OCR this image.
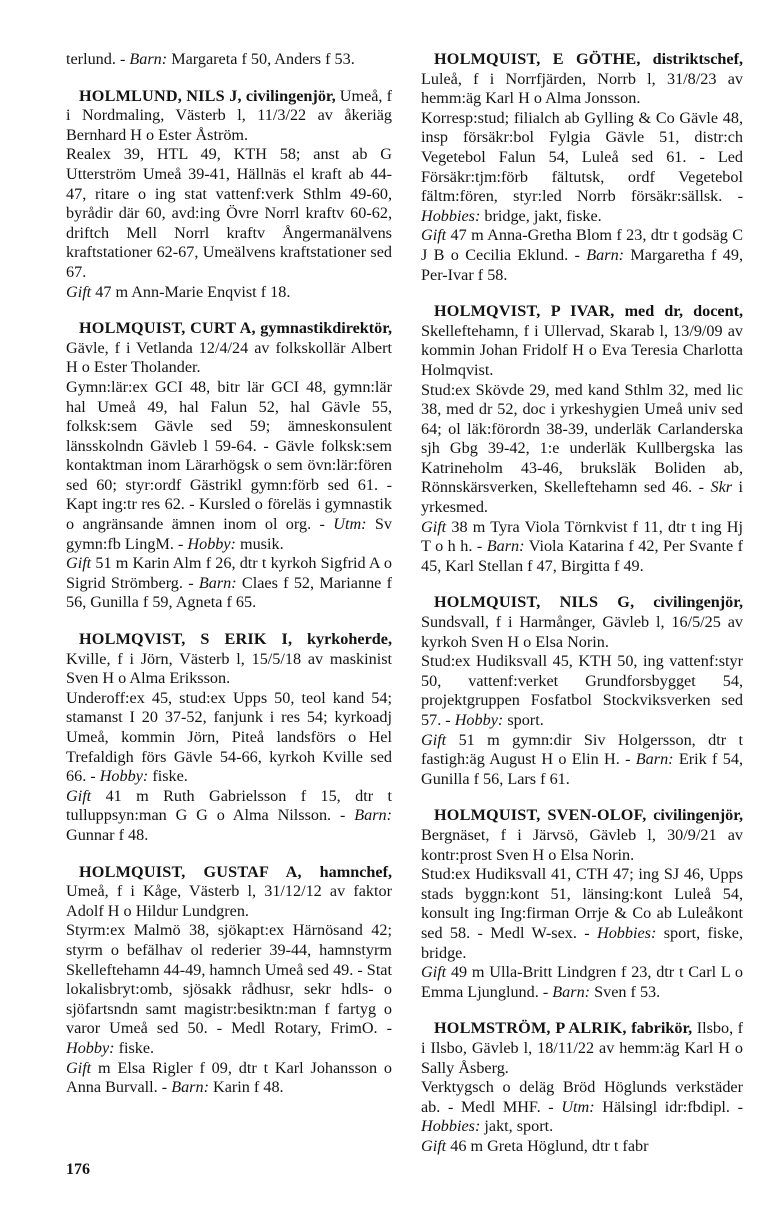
terlund. - Barn: Margareta f 50, Anders f 53.

HOLMLUND, NILS J, civilingenjör, Umeå, f i Nordmaling, Västerb l, 11/3/22 av åkeriäg Bernhard H o Ester Åström.

Realex 39, HTL 49, KTH 58; anst ab G Utterström Umeå 39-41, Hällnäs el kraft ab 44-47, ritare o ing stat vattenf:verk Sthlm 49-60, byrådir där 60, avd:ing Övre Norrl kraftv 60-62, driftch Mell Norrl kraftv Ångermanälvens kraftstationer 62-67, Umeälvens kraftstationer sed 67.

Gift 47 m Ann-Marie Enqvist f 18.

HOLMQUIST, CURT A, gymnastikdirektör, Gävle, f i Vetlanda 12/4/24 av folkskollär Albert H o Ester Tholander.

Gymn:lär:ex GCI 48, bitr lär GCI 48, gymn:lär hal Umeå 49, hal Falun 52, hal Gävle 55, folksk:sem Gävle sed 59; ämneskonsulent länsskolndn Gävleb l 59-64. - Gävle folksk:sem kontaktman inom Lärarhögsk o sem övn:lär:fören sed 60; styr:ordf Gästrikl gymn:förb sed 61. - Kapt ing:tr res 62. - Kursled o föreläs i gymnastik o angränsande ämnen inom ol org. - Utm: Sv gymn:fb LingM. - Hobby: musik.

Gift 51 m Karin Alm f 26, dtr t kyrkoh Sigfrid A o Sigrid Strömberg. - Barn: Claes f 52, Marianne f 56, Gunilla f 59, Agneta f 65.

HOLMQVIST, S ERIK I, kyrkoherde, Kville, f i Jörn, Västerb l, 15/5/18 av maskinist Sven H o Alma Eriksson.

Underoff:ex 45, stud:ex Upps 50, teol kand 54; stamanst I 20 37-52, fanjunk i res 54; kyrkoadj Umeå, kommin Jörn, Piteå landsförs o Hel Trefaldigh förs Gävle 54-66, kyrkoh Kville sed 66. - Hobby: fiske.

Gift 41 m Ruth Gabrielsson f 15, dtr t tulluppsyn:man G G o Alma Nilsson. - Barn: Gunnar f 48.

HOLMQUIST, GUSTAF A, hamnchef, Umeå, f i Kåge, Västerb l, 31/12/12 av faktor Adolf H o Hildur Lundgren.

Styrm:ex Malmö 38, sjökapt:ex Härnösand 42; styrm o befälhav ol rederier 39-44, hamnstyrm Skelleftehamn 44-49, hamnch Umeå sed 49. - Stat lokalisbryt:omb, sjösakk rådhusr, sekr hdls- o sjöfartsndn samt magistr:besiktn:man f fartyg o varor Umeå sed 50. - Medl Rotary, FrimO. - Hobby: fiske.

Gift m Elsa Rigler f 09, dtr t Karl Johansson o Anna Burvall. - Barn: Karin f 48.

HOLMQUIST, E GÖTHE, distriktschef, Luleå, f i Norrfjärden, Norrb l, 31/8/23 av hemm:äg Karl H o Alma Jonsson.

Korresp:stud; filialch ab Gylling & Co Gävle 48, insp försäkr:bol Fylgia Gävle 51, distr:ch Vegetebol Falun 54, Luleå sed 61. - Led Försäkr:tjm:förb fältutsk, ordf Vegetebol fältm:fören, styr:led Norrb försäkr:sällsk. - Hobbies: bridge, jakt, fiske.

Gift 47 m Anna-Gretha Blom f 23, dtr t godsäg C J B o Cecilia Eklund. - Barn: Margaretha f 49, Per-Ivar f 58.

HOLMQVIST, P IVAR, med dr, docent, Skelleftehamn, f i Ullervad, Skarab l, 13/9/09 av kommin Johan Fridolf H o Eva Teresia Charlotta Holmqvist.

Stud:ex Skövde 29, med kand Sthlm 32, med lic 38, med dr 52, doc i yrkeshygien Umeå univ sed 64; ol läk:förordn 38-39, underläk Carlanderska sjh Gbg 39-42, 1:e underläk Kullbergska las Katrineholm 43-46, bruksläk Boliden ab, Rönnskärsverken, Skelleftehamn sed 46. - Skr i yrkesmed.

Gift 38 m Tyra Viola Törnkvist f 11, dtr t ing Hj T o h h. - Barn: Viola Katarina f 42, Per Svante f 45, Karl Stellan f 47, Birgitta f 49.

HOLMQUIST, NILS G, civilingenjör, Sundsvall, f i Harmånger, Gävleb l, 16/5/25 av kyrkoh Sven H o Elsa Norin.

Stud:ex Hudiksvall 45, KTH 50, ing vattenf:styr 50, vattenf:verket Grundforsbygget 54, projektgruppen Fosfatbol Stockviksverken sed 57. - Hobby: sport.

Gift 51 m gymn:dir Siv Holgersson, dtr t fastigh:äg August H o Elin H. - Barn: Erik f 54, Gunilla f 56, Lars f 61.

HOLMQUIST, SVEN-OLOF, civilingenjör, Bergnäset, f i Järvsö, Gävleb l, 30/9/21 av kontr:prost Sven H o Elsa Norin.

Stud:ex Hudiksvall 41, CTH 47; ing SJ 46, Upps stads byggn:kont 51, länsing:kont Luleå 54, konsult ing Ing:firman Orrje & Co ab Luleåkont sed 58. - Medl W-sex. - Hobbies: sport, fiske, bridge.

Gift 49 m Ulla-Britt Lindgren f 23, dtr t Carl L o Emma Ljunglund. - Barn: Sven f 53.

HOLMSTRÖM, P ALRIK, fabrikör, Ilsbo, f i Ilsbo, Gävleb l, 18/11/22 av hemm:äg Karl H o Sally Åsberg.

Verktygsch o deläg Bröd Höglunds verkstäder ab. - Medl MHF. - Utm: Hälsingl idr:fbdipl. - Hobbies: jakt, sport.

Gift 46 m Greta Höglund, dtr t fabr

176
